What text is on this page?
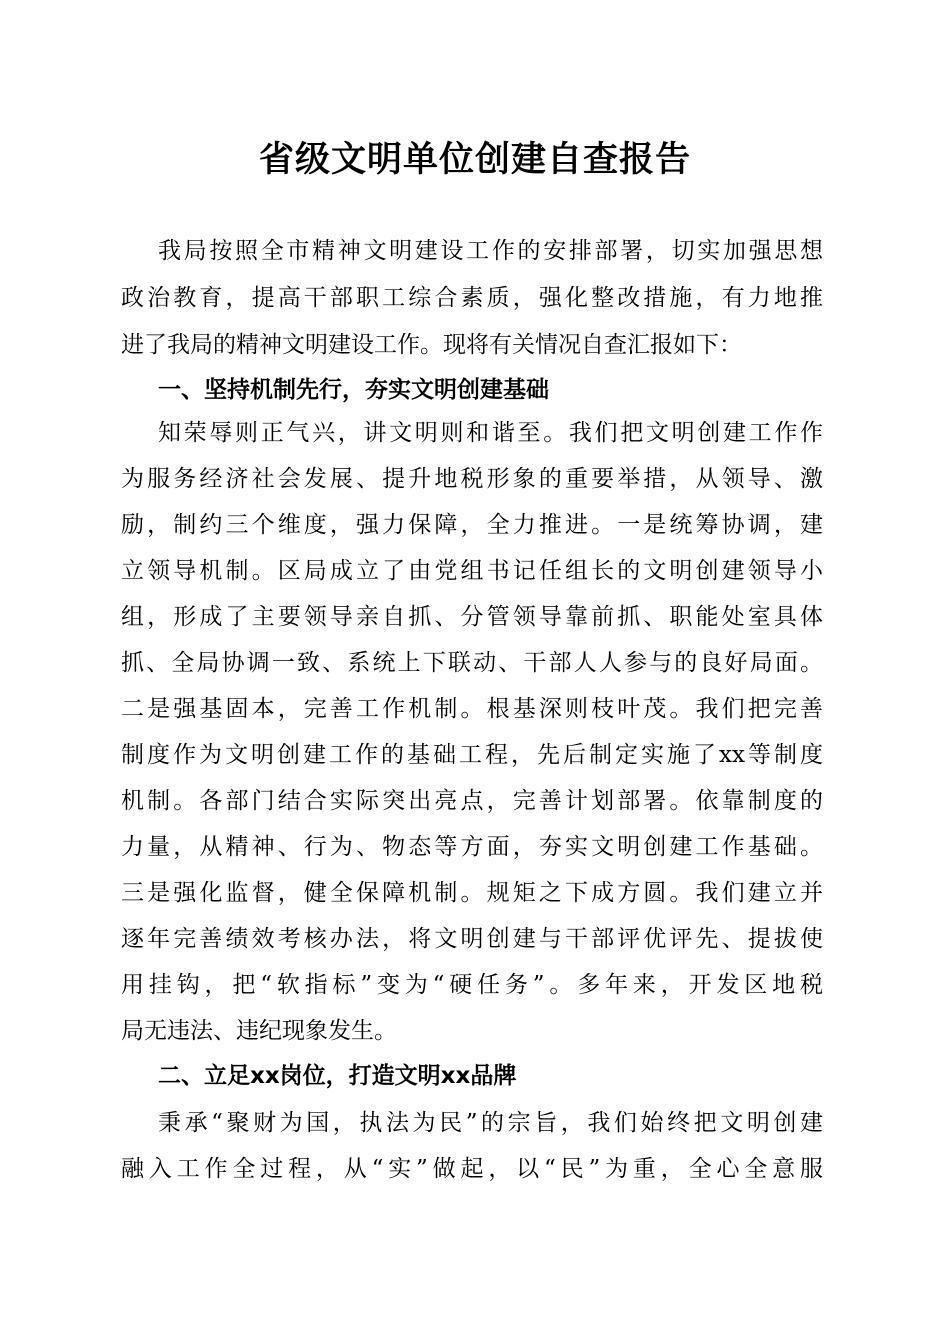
省级文明单位创建自查报告

我局按照全市精神文明建设工作的安排部署，切实加强思想

政治教育，提高干部职工综合素质，强化整改措施，有力地推

进了我局的精神文明建设工作。现将有关情况自查汇报如下：

一、坚持机制先行，夯实文明创建基础

知荣辱则正气兴，讲文明则和谐至。我们把文明创建工作作

为服务经济社会发展、提升地税形象的重要举措，从领导、激

励，制约三个维度，强力保障，全力推进。一是统筹协调，建

立领导机制。区局成立了由党组书记任组长的文明创建领导小

组，形成了主要领导亲自抓、分管领导靠前抓、职能处室具体

抓、全局协调一致、系统上下联动、干部人人参与的良好局面。

二是强基固本，完善工作机制。根基深则枝叶茂。我们把完善

制度作为文明创建工作的基础工程，先后制定实施了xx等制度

机制。各部门结合实际突出亮点，完善计划部署。依靠制度的

力量，从精神、行为、物态等方面，夯实文明创建工作基础。

三是强化监督，健全保障机制。规矩之下成方圆。我们建立并

逐年完善绩效考核办法，将文明创建与干部评优评先、提拔使

用挂钩，把“软指标”变为“硬任务”。多年来，开发区地税

局无违法、违纪现象发生。

二、立足xx岗位，打造文明xx品牌

秉承“聚财为国，执法为民”的宗旨，我们始终把文明创建

融入工作全过程，从“实”做起，以“民”为重，全心全意服
